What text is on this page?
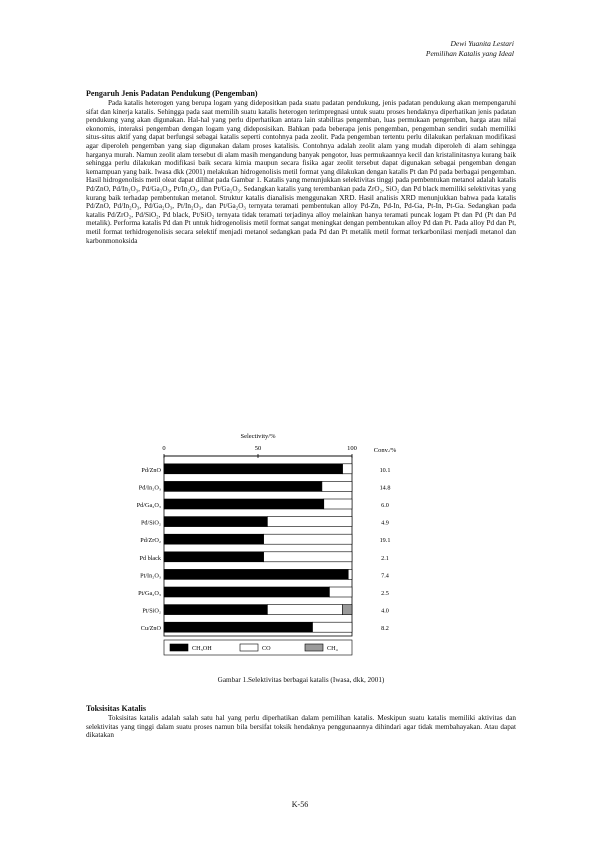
Dewi Yuanita Lestari
Pemilihan Katalis yang Ideal
Pengaruh Jenis Padatan Pendukung (Pengemban)
Pada katalis heterogen yang berupa logam yang didepositkan pada suatu padatan pendukung, jenis padatan pendukung akan mempengaruhi sifat dan kinerja katalis. Sehingga pada saat memilih suatu katalis heterogen terimpregnasi untuk suatu proses hendaknya diperhatikan jenis padatan pendukung yang akan digunakan. Hal-hal yang perlu diperhatikan antara lain stabilitas pengemban, luas permukaan pengemban, harga atau nilai ekonomis, interaksi pengemban dengan logam yang dideposisikan. Bahkan pada beberapa jenis pengemban, pengemban sendiri sudah memiliki situs-situs aktif yang dapat berfungsi sebagai katalis seperti contohnya pada zeolit. Pada pengemban tertentu perlu dilakukan perlakuan modifikasi agar diperoleh pengemban yang siap digunakan dalam proses katalisis. Contohnya adalah zeolit alam yang mudah diperoleh di alam sehingga harganya murah. Namun zeolit alam tersebut di alam masih mengandung banyak pengotor, luas permukaannya kecil dan kristalinitasnya kurang baik sehingga perlu dilakukan modifikasi baik secara kimia maupun secara fisika agar zeolit tersebut dapat digunakan sebagai pengemban dengan kemampuan yang baik. Iwasa dkk (2001) melakukan hidrogenolisis metil format yang dilakukan dengan katalis Pt dan Pd pada berbagai pengemban. Hasil hidrogenolisis metil oleat dapat dilihat pada Gambar 1. Katalis yang menunjukkan selektivitas tinggi pada pembentukan metanol adalah katalis Pd/ZnO, Pd/In₂O₃, Pd/Ga₂O₃, Pt/In₂O₃, dan Pt/Ga₂O₃. Sedangkan katalis yang terembankan pada ZrO₂, SiO₂ dan Pd black memiliki selektivitas yang kurang baik terhadap pembentukan metanol. Struktur katalis dianalisis menggunakan XRD. Hasil analisis XRD menunjukkan bahwa pada katalis Pd/ZnO, Pd/In₂O₃, Pd/Ga₂O₃, Pt/In₂O₃, dan Pt/Ga₂O₃ ternyata teramati pembentukan alloy Pd-Zn, Pd-In, Pd-Ga, Pt-In, Pt-Ga. Sedangkan pada katalis Pd/ZrO₂, Pd/SiO₂, Pd black, Pt/SiO₂ ternyata tidak teramati terjadinya alloy melainkan hanya teramati puncak logam Pt dan Pd (Pt dan Pd metalik). Performa katalis Pd dan Pt untuk hidrogenolisis metil format sangat meningkat dengan pembentukan alloy Pd dan Pt. Pada alloy Pd dan Pt, metil format terhidrogenolisis secara selektif menjadi metanol sedangkan pada Pd dan Pt metalik metil format terkarbonilasi menjadi metanol dan karbonmonoksida
Selectivity/%
Conv./%
0	50	100
Pd/ZnO	10.1
Pd/In₂O₃	14.8
Pd/Ga₂O₃	6.0
Pd/SiO₂	4.9
Pd/ZrO₂	19.1
Pd black	2.1
Pt/In₂O₃	7.4
Pt/Ga₂O₃	2.5
Pt/SiO₂	4.0
Cu/ZnO	8.2
CH₃OH	CO	CH₄
Gambar 1.Selektivitas berbagai katalis (Iwasa, dkk, 2001)
Toksisitas Katalis
Toksisitas katalis adalah salah satu hal yang perlu diperhatikan dalam pemilihan katalis. Meskipun suatu katalis memiliki aktivitas dan selektivitas yang tinggi dalam suatu proses namun bila bersifat toksik hendaknya penggunaannya dihindari agar tidak membahayakan. Atau dapat dikatakan
K-56
